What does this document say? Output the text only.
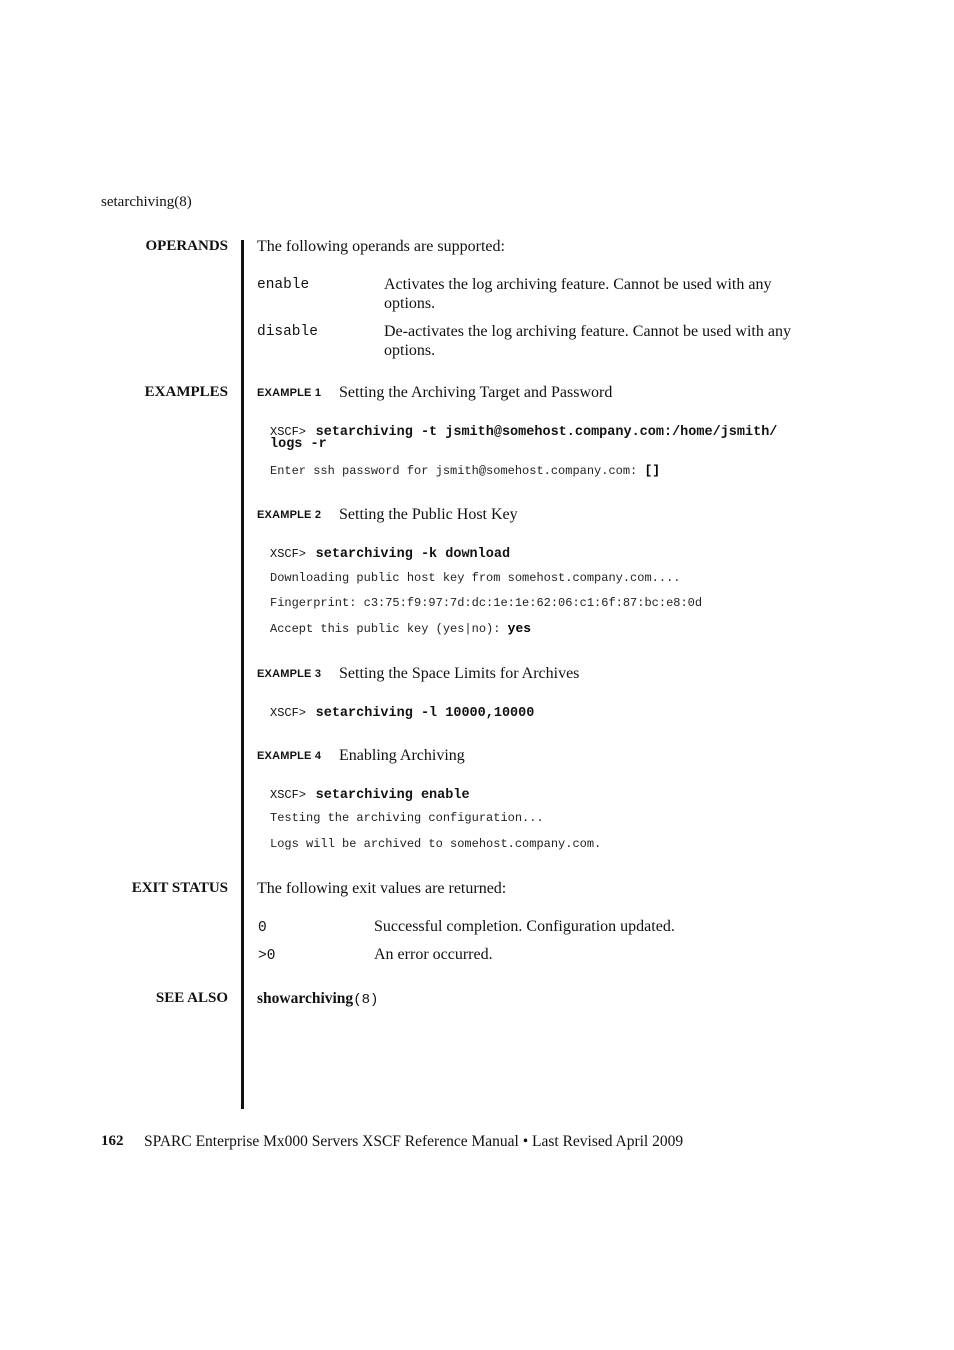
setarchiving(8)
OPERANDS The following operands are supported:
enable	Activates the log archiving feature. Cannot be used with any
options.
disable	De-activates the log archiving feature. Cannot be used with any
options.
EXAMPLES	EXAMPLE 1 Setting the Archiving Target and Password
XSCF> setarchiving -t jsmith@somehost.company.com:/home/jsmith/
logs -r
Enter ssh password for jsmith@somehost.company.com: []
EXAMPLE 2 Setting the Public Host Key
XSCF> setarchiving -k download
Downloading public host key from somehost.company.com....
Fingerprint: c3:75:f9:97:7d:dc:1e:1e:62:06:c1:6f:87:bc:e8:0d
Accept this public key (yes|no): yes
EXAMPLE 3 Setting the Space Limits for Archives
XSCF> setarchiving -l 10000,10000
EXAMPLE 4 Enabling Archiving
XSCF> setarchiving enable
Testing the archiving configuration...
Logs will be archived to somehost.company.com.
EXIT STATUS The following exit values are returned:
0	Successful completion. Configuration updated.
>0	An error occurred.
SEE ALSO showarchiving(8)
162 SPARC Enterprise Mx000 Servers XSCF Reference Manual • Last Revised April 2009
